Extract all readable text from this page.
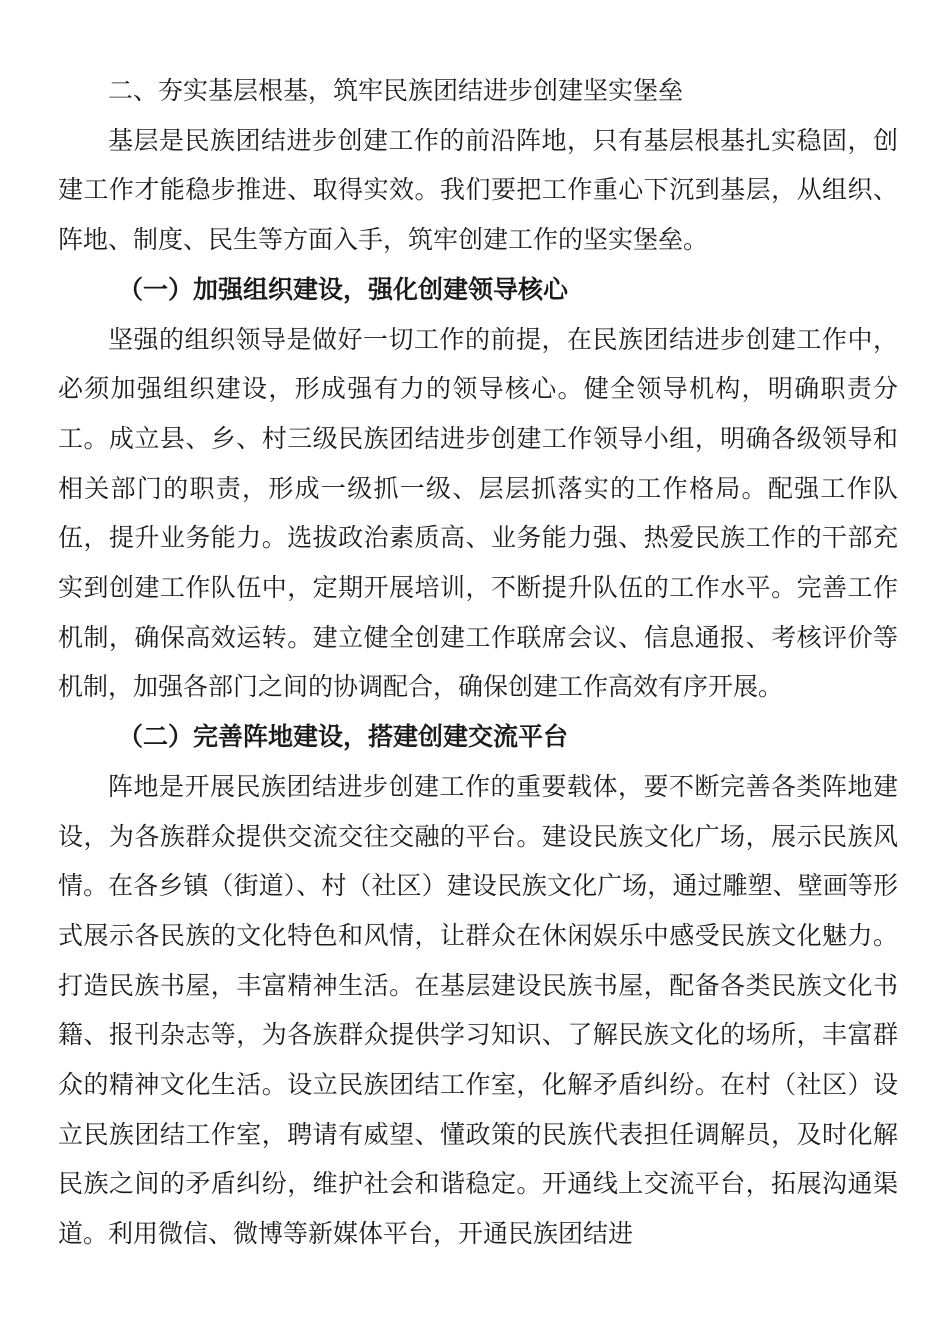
二、夯实基层根基，筑牢民族团结进步创建坚实堡垒

基层是民族团结进步创建工作的前沿阵地，只有基层根基扎实稳固，创建工作才能稳步推进、取得实效。我们要把工作重心下沉到基层，从组织、阵地、制度、民生等方面入手，筑牢创建工作的坚实堡垒。

（一）加强组织建设，强化创建领导核心

坚强的组织领导是做好一切工作的前提，在民族团结进步创建工作中，必须加强组织建设，形成强有力的领导核心。健全领导机构，明确职责分工。成立县、乡、村三级民族团结进步创建工作领导小组，明确各级领导和相关部门的职责，形成一级抓一级、层层抓落实的工作格局。配强工作队伍，提升业务能力。选拔政治素质高、业务能力强、热爱民族工作的干部充实到创建工作队伍中，定期开展培训，不断提升队伍的工作水平。完善工作机制，确保高效运转。建立健全创建工作联席会议、信息通报、考核评价等机制，加强各部门之间的协调配合，确保创建工作高效有序开展。

（二）完善阵地建设，搭建创建交流平台

阵地是开展民族团结进步创建工作的重要载体，要不断完善各类阵地建设，为各族群众提供交流交往交融的平台。建设民族文化广场，展示民族风情。在各乡镇（街道）、村（社区）建设民族文化广场，通过雕塑、壁画等形式展示各民族的文化特色和风情，让群众在休闲娱乐中感受民族文化魅力。打造民族书屋，丰富精神生活。在基层建设民族书屋，配备各类民族文化书籍、报刊杂志等，为各族群众提供学习知识、了解民族文化的场所，丰富群众的精神文化生活。设立民族团结工作室，化解矛盾纠纷。在村（社区）设立民族团结工作室，聘请有威望、懂政策的民族代表担任调解员，及时化解民族之间的矛盾纠纷，维护社会和谐稳定。开通线上交流平台，拓展沟通渠道。利用微信、微博等新媒体平台，开通民族团结进
